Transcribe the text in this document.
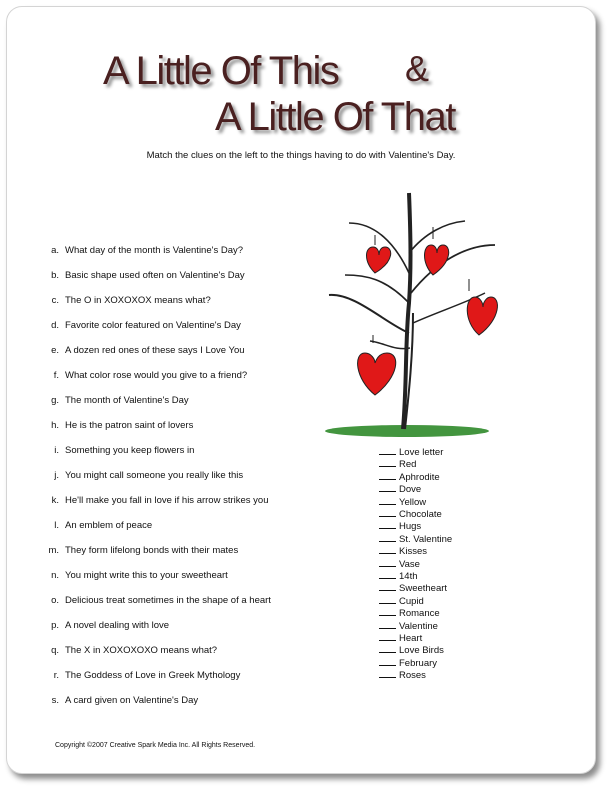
A Little Of This &
A Little Of That
Match the clues on the left to the things having to do with Valentine's Day.
a. What day of the month is Valentine's Day?
b. Basic shape used often on Valentine's Day
c. The O in XOXOXOX means what?
d. Favorite color featured on Valentine's Day
e. A dozen red ones of these says I Love You
f. What color rose would you give to a friend?
g. The month of Valentine's Day
h. He is the patron saint of lovers
i. Something you keep flowers in
j. You might call someone you really like this
k. He'll make you fall in love if his arrow strikes you
l. An emblem of peace
m. They form lifelong bonds with their mates
n. You might write this to your sweetheart
o. Delicious treat sometimes in the shape of a heart
p. A novel dealing with love
q. The X in XOXOXOXO means what?
r. The Goddess of Love in Greek Mythology
s. A card given on Valentine's Day
Love letter
Red
Aphrodite
Dove
Yellow
Chocolate
Hugs
St. Valentine
Kisses
Vase
14th
Sweetheart
Cupid
Romance
Valentine
Heart
Love Birds
February
Roses
Copyright ©2007 Creative Spark Media Inc. All Rights Reserved.
